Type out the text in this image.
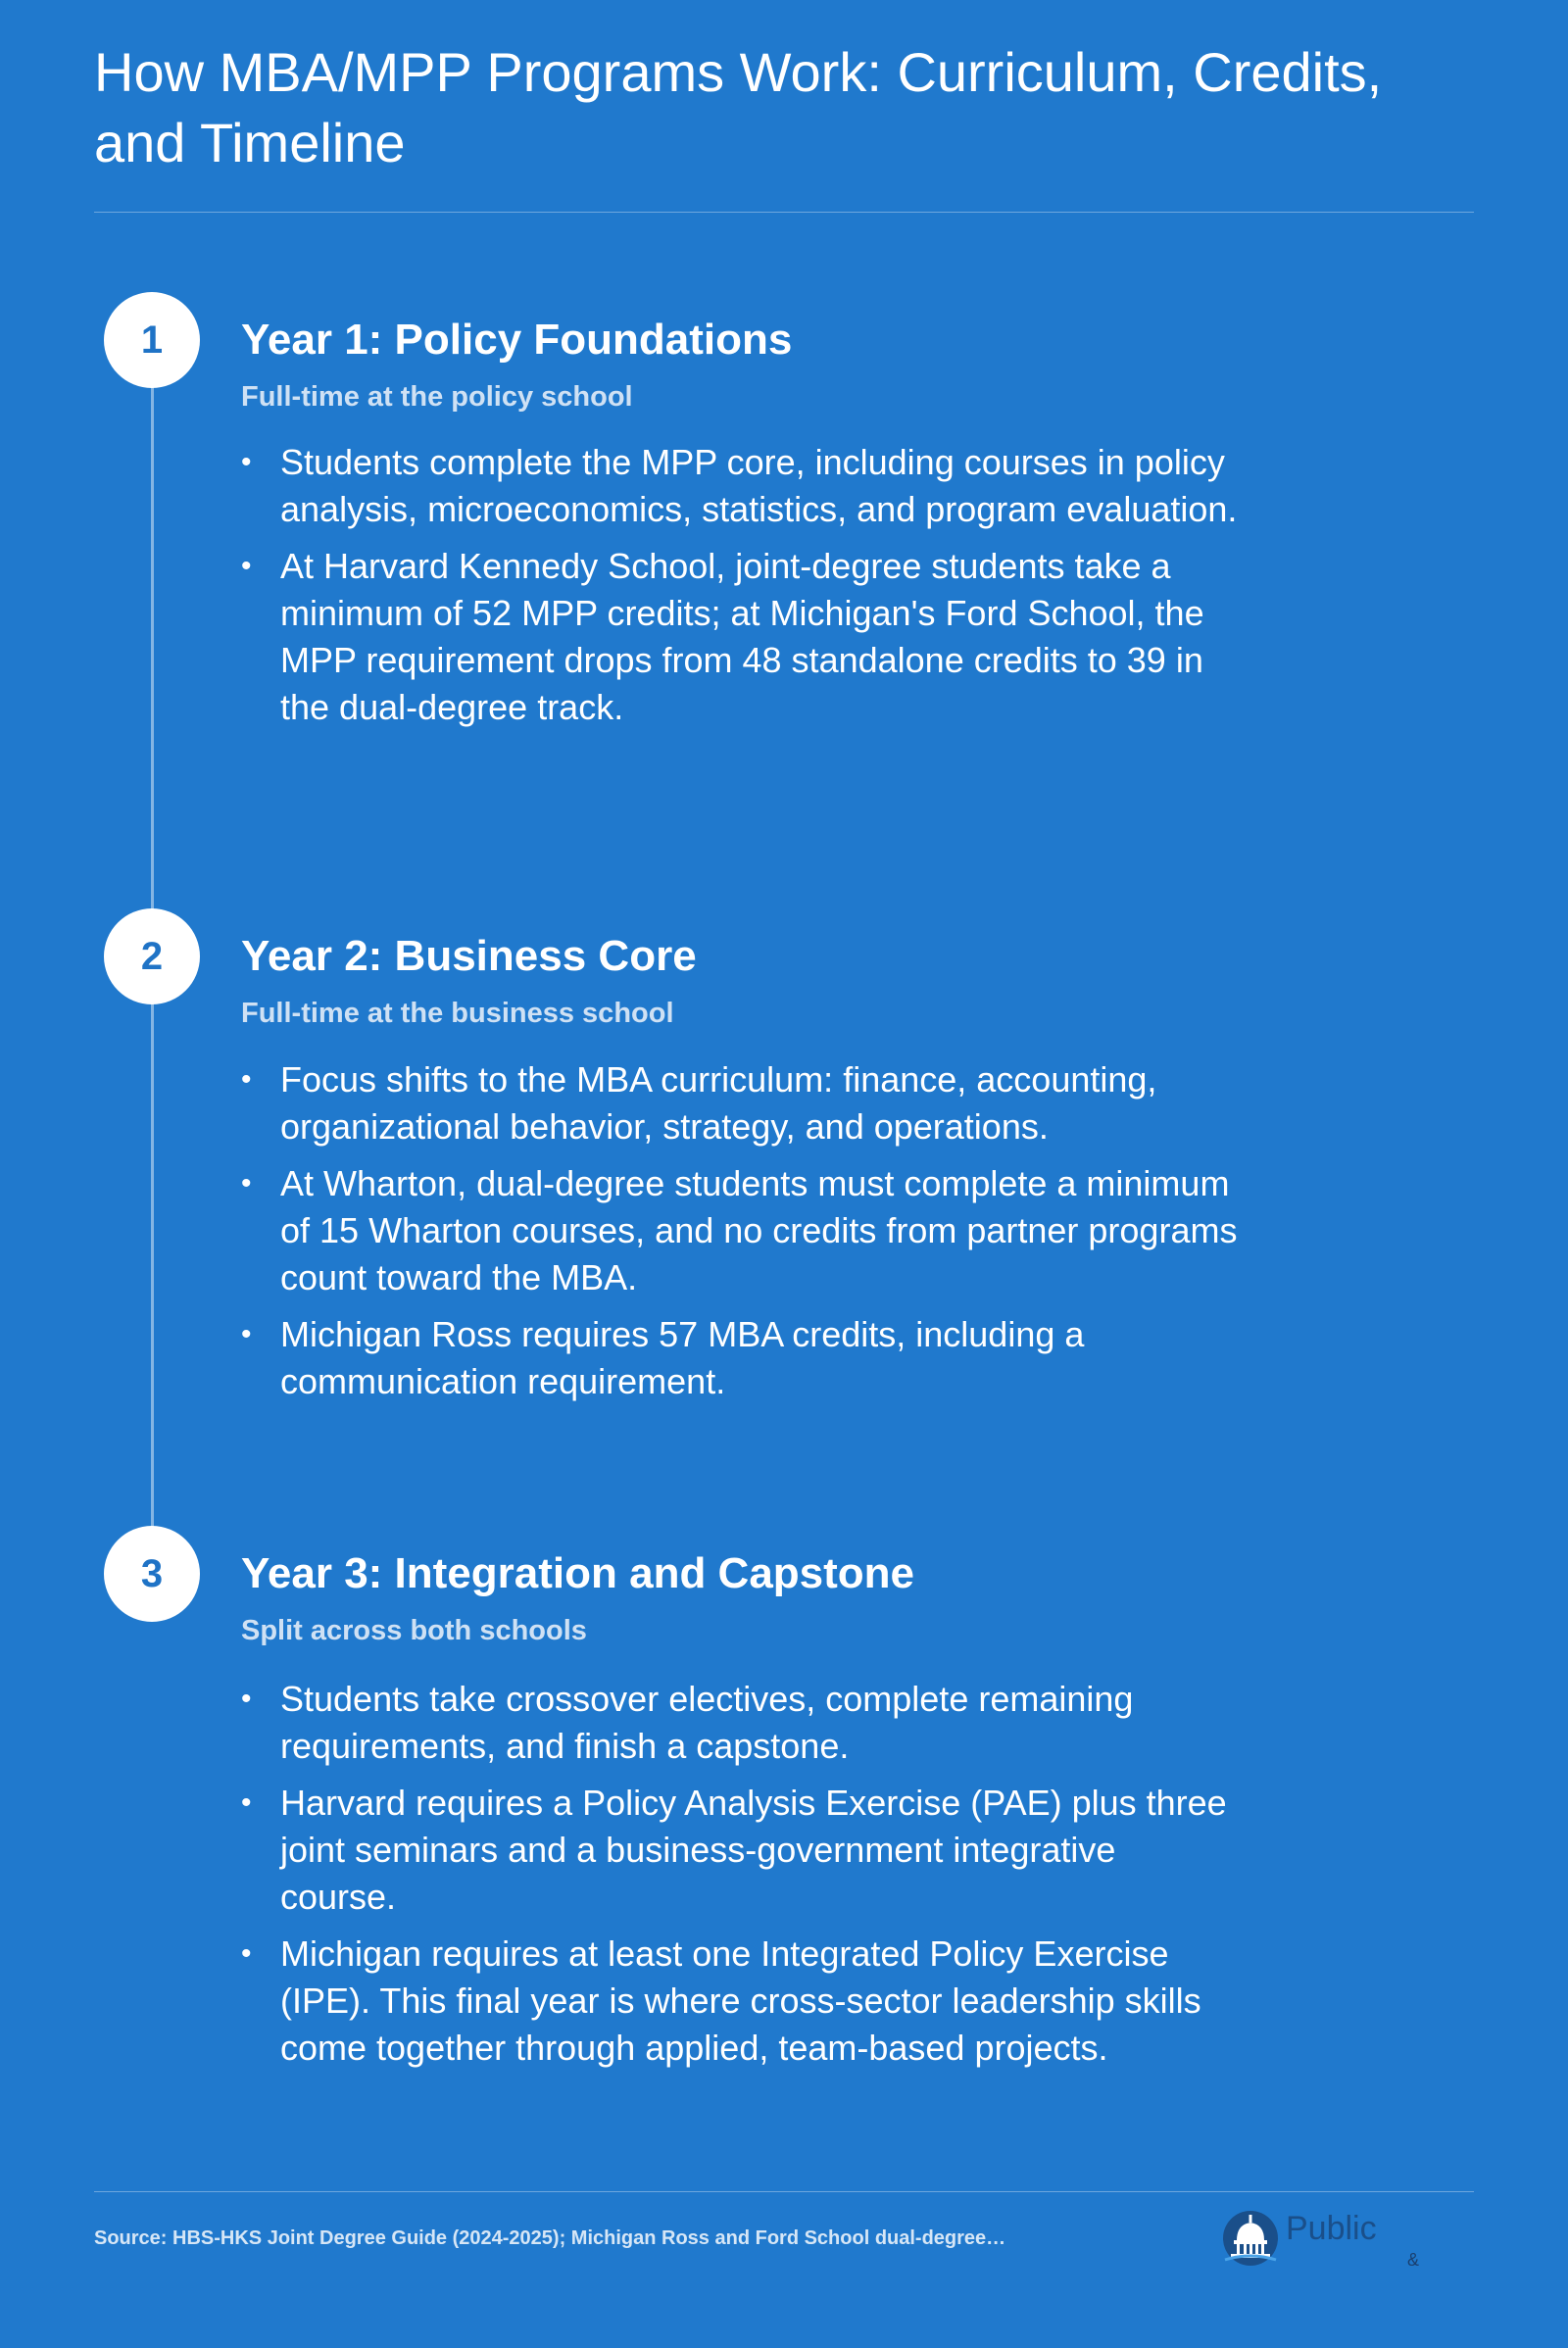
How MBA/MPP Programs Work: Curriculum, Credits, and Timeline
1	Year 1: Policy Foundations
Full-time at the policy school
• Students complete the MPP core, including courses in policy analysis, microeconomics, statistics, and program evaluation.
• At Harvard Kennedy School, joint-degree students take a minimum of 52 MPP credits; at Michigan's Ford School, the MPP requirement drops from 48 standalone credits to 39 in the dual-degree track.
2	Year 2: Business Core
Full-time at the business school
• Focus shifts to the MBA curriculum: finance, accounting, organizational behavior, strategy, and operations.
• At Wharton, dual-degree students must complete a minimum of 15 Wharton courses, and no credits from partner programs count toward the MBA.
• Michigan Ross requires 57 MBA credits, including a communication requirement.
3	Year 3: Integration and Capstone
Split across both schools
• Students take crossover electives, complete remaining requirements, and finish a capstone.
• Harvard requires a Policy Analysis Exercise (PAE) plus three joint seminars and a business-government integrative course.
• Michigan requires at least one Integrated Policy Exercise (IPE). This final year is where cross-sector leadership skills come together through applied, team-based projects.
Source: HBS-HKS Joint Degree Guide (2024-2025); Michigan Ross and Ford School dual-degree…	Public
&
